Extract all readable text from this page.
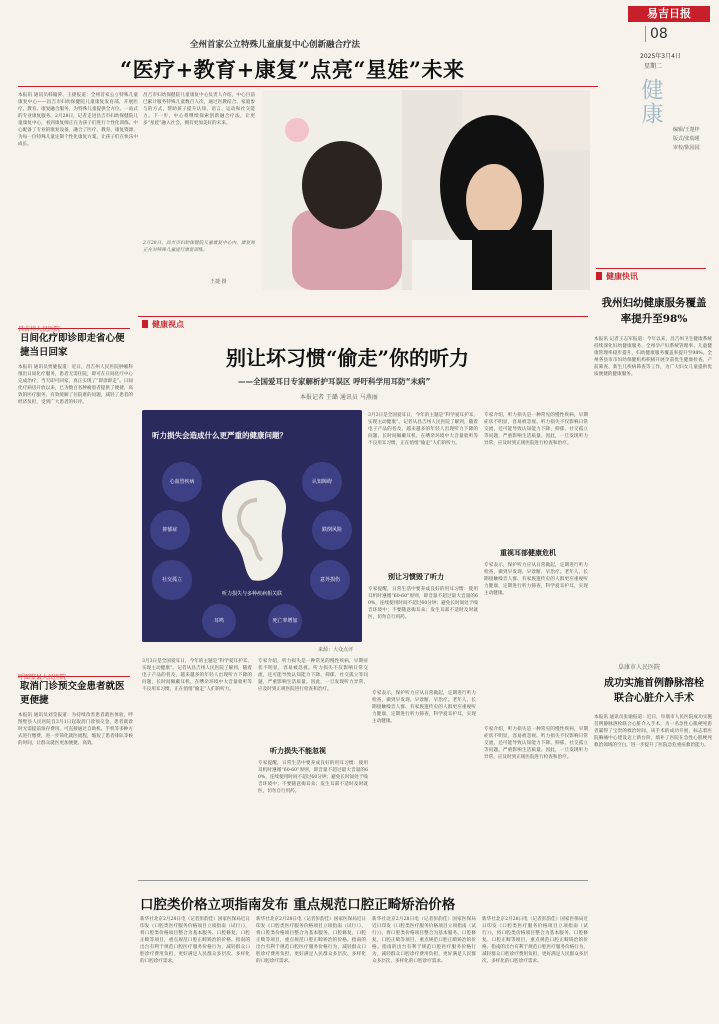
易吉日报
08
2025年3月4日
星期二
健康
编辑/王楚梓
版式/张瑞瑾
审校/陈园园
全州首家公立特殊儿童康复中心创新融合疗法
“医疗+教育+康复”点亮“星娃”未来
本报讯 通讯员韩翰萝、王捷报道：全州首家公立特殊儿童康复中心——昌吉市妇幼保健院儿童康复发育部，开展医疗、教育、康复融合服务，为特殊儿童提供全方位、一站式的专业康复服务。2月28日，记者走进昌吉市妇幼保健院儿童康复中心，看到康复师正在为孩子们进行个性化训练。中心配备了专业的康复设备，融合了医疗、教育、康复资源，为每一位特殊儿童定制个性化康复方案，让孩子们在快乐中成长。
昌吉市妇幼保健院儿童康复中心负责人介绍，中心目前已累计服务特殊儿童数百人次，通过医教结合、家庭参与的方式，帮助孩子提升认知、语言、运动和社交能力。下一步，中心将继续探索创新融合疗法，让更多“星娃”融入社会，拥有更加美好的未来。
2月28日，昌吉市妇幼保健院儿童康复中心内，康复师正在对特殊儿童进行康复训练。
王捷 摄
健康快讯
我州妇幼健康服务覆盖率提升至98%
本报讯 记者王志军报道：今年以来，昌吉州卫生健康系统持续深化妇幼健康服务，全州孕产妇系统管理率、儿童健康管理率稳步提升，妇幼健康服务覆盖率提升至98%。全州各县市市妇幼保健机构积极开展孕前优生健康检查、产前筛查、新生儿疾病筛查等工作，为广大妇女儿童提供优质便捷的健康服务。
阜康市人民医院
成功实施首例静脉溶栓联合心脏介入手术
本报讯 通讯员张瑜报道：近日，阜康市人民医院成功实施首例静脉溶栓联合心脏介入手术，为一名急性心肌梗死患者赢得了宝贵的救治时间。该手术的成功开展，标志着医院胸痛中心建设迈上新台阶，填补了医院在急性心肌梗死救治领域的空白，进一步提升了医院急危重症救治能力。
昌吉州人民医院
日间化疗即诊即走省心便捷当日回家
本报讯 通讯员贾婕报道：近日，昌吉州人民医院肿瘤科推出日间化疗服务，患者无需住院，即可在日间化疗中心完成治疗，当天即可回家，真正实现了“即诊即走”。日间化疗病房开放以来，已为数百名肿瘤患者提供了便捷、高效的医疗服务，有效缓解了住院难的问题，减轻了患者的经济负担，受到广大患者的好评。
呼图壁县人民医院
取消门诊预交金患者就医更便捷
本报讯 通讯员刘莹报道：为持续改善患者就医体验，呼图壁县人民医院自3月1日起取消门诊预交金，患者就诊时无需提前预存费用，可直接通过自助机、手机等多种方式进行缴费，进一步简化就医流程，缩短了患者排队等候的时间，让群众就医更加便捷、高效。
健康视点
别让坏习惯“偷走”你的听力
——全国爱耳日专家解析护耳误区 呼吁科学用耳防“未病”
本报记者 王璐 通讯员 马燕丽
听力损失会造成什么更严重的健康问题？
听力损失与多种疾病相关联
心血管疾病	认知障碍
抑郁症	跌倒风险
社交孤立	意外损伤
耳鸣	死亡率增加
来源：大众点评
3月3日是全国爱耳日，今年的主题是“科学爱耳护耳，实现主动健康”。记者从昌吉州人民医院了解到，随着电子产品的普及，越来越多的年轻人出现听力下降的问题，长时间佩戴耳机、在嘈杂环境中大音量收听等不良用耳习惯，正在悄悄“偷走”人们的听力。
专家介绍，听力损失是一种常见的慢性疾病，早期症状不明显，容易被忽视。听力损失不仅影响日常交流，还可能导致认知能力下降、抑郁、社交孤立等问题，严重影响生活质量。因此，一旦发现听力异常，应及时到正规医院进行检查和治疗。
重视耳部健康危机
别让习惯毁了听力
专家提醒，日常生活中要养成良好的用耳习惯：使用耳机时遵循“60-60”原则，即音量不超过最大音量的60%，连续使用时间不超过60分钟；避免长时间处于噪音环境中；不要随意掏耳朵；发生耳部不适时及时就医，切勿自行用药。
专家表示，保护听力应从日常做起，定期进行听力检查，做到早发现、早诊断、早治疗。老年人、长期接触噪音人群、有家族遗传史的人群更应重视听力健康，定期进行听力筛查，科学爱耳护耳，实现主动健康。
3月3日是全国爱耳日，今年的主题是“科学爱耳护耳，实现主动健康”。记者从昌吉州人民医院了解到，随着电子产品的普及，越来越多的年轻人出现听力下降的问题，长时间佩戴耳机、在嘈杂环境中大音量收听等不良用耳习惯，正在悄悄“偷走”人们的听力。
听力损失不能忽视
专家介绍，听力损失是一种常见的慢性疾病，早期症状不明显，容易被忽视。听力损失不仅影响日常交流，还可能导致认知能力下降、抑郁、社交孤立等问题，严重影响生活质量。因此，一旦发现听力异常，应及时到正规医院进行检查和治疗。
专家提醒，日常生活中要养成良好的用耳习惯：使用耳机时遵循“60-60”原则，即音量不超过最大音量的60%，连续使用时间不超过60分钟；避免长时间处于噪音环境中；不要随意掏耳朵；发生耳部不适时及时就医，切勿自行用药。
专家表示，保护听力应从日常做起，定期进行听力检查，做到早发现、早诊断、早治疗。老年人、长期接触噪音人群、有家族遗传史的人群更应重视听力健康，定期进行听力筛查，科学爱耳护耳，实现主动健康。
专家介绍，听力损失是一种常见的慢性疾病，早期症状不明显，容易被忽视。听力损失不仅影响日常交流，还可能导致认知能力下降、抑郁、社交孤立等问题，严重影响生活质量。因此，一旦发现听力异常，应及时到正规医院进行检查和治疗。
口腔类价格立项指南发布 重点规范口腔正畸矫治价格
新华社北京2月28日电（记者彭韵佳）国家医保局近日印发《口腔类医疗服务价格项目立项指南（试行）》，将口腔类价格项目整合为基本服务、口腔修复、口腔正畸等项目，重点规范口腔正畸矫治的价格。指南的出台有利于规范口腔医疗服务价格行为，减轻群众口腔诊疗费用负担，更好满足人民群众多层次、多样化的口腔诊疗需求。
新华社北京2月28日电（记者彭韵佳）国家医保局近日印发《口腔类医疗服务价格项目立项指南（试行）》，将口腔类价格项目整合为基本服务、口腔修复、口腔正畸等项目，重点规范口腔正畸矫治的价格。指南的出台有利于规范口腔医疗服务价格行为，减轻群众口腔诊疗费用负担，更好满足人民群众多层次、多样化的口腔诊疗需求。
新华社北京2月28日电（记者彭韵佳）国家医保局近日印发《口腔类医疗服务价格项目立项指南（试行）》，将口腔类价格项目整合为基本服务、口腔修复、口腔正畸等项目，重点规范口腔正畸矫治的价格。指南的出台有利于规范口腔医疗服务价格行为，减轻群众口腔诊疗费用负担，更好满足人民群众多层次、多样化的口腔诊疗需求。
新华社北京2月28日电（记者彭韵佳）国家医保局近日印发《口腔类医疗服务价格项目立项指南（试行）》，将口腔类价格项目整合为基本服务、口腔修复、口腔正畸等项目，重点规范口腔正畸矫治的价格。指南的出台有利于规范口腔医疗服务价格行为，减轻群众口腔诊疗费用负担，更好满足人民群众多层次、多样化的口腔诊疗需求。
